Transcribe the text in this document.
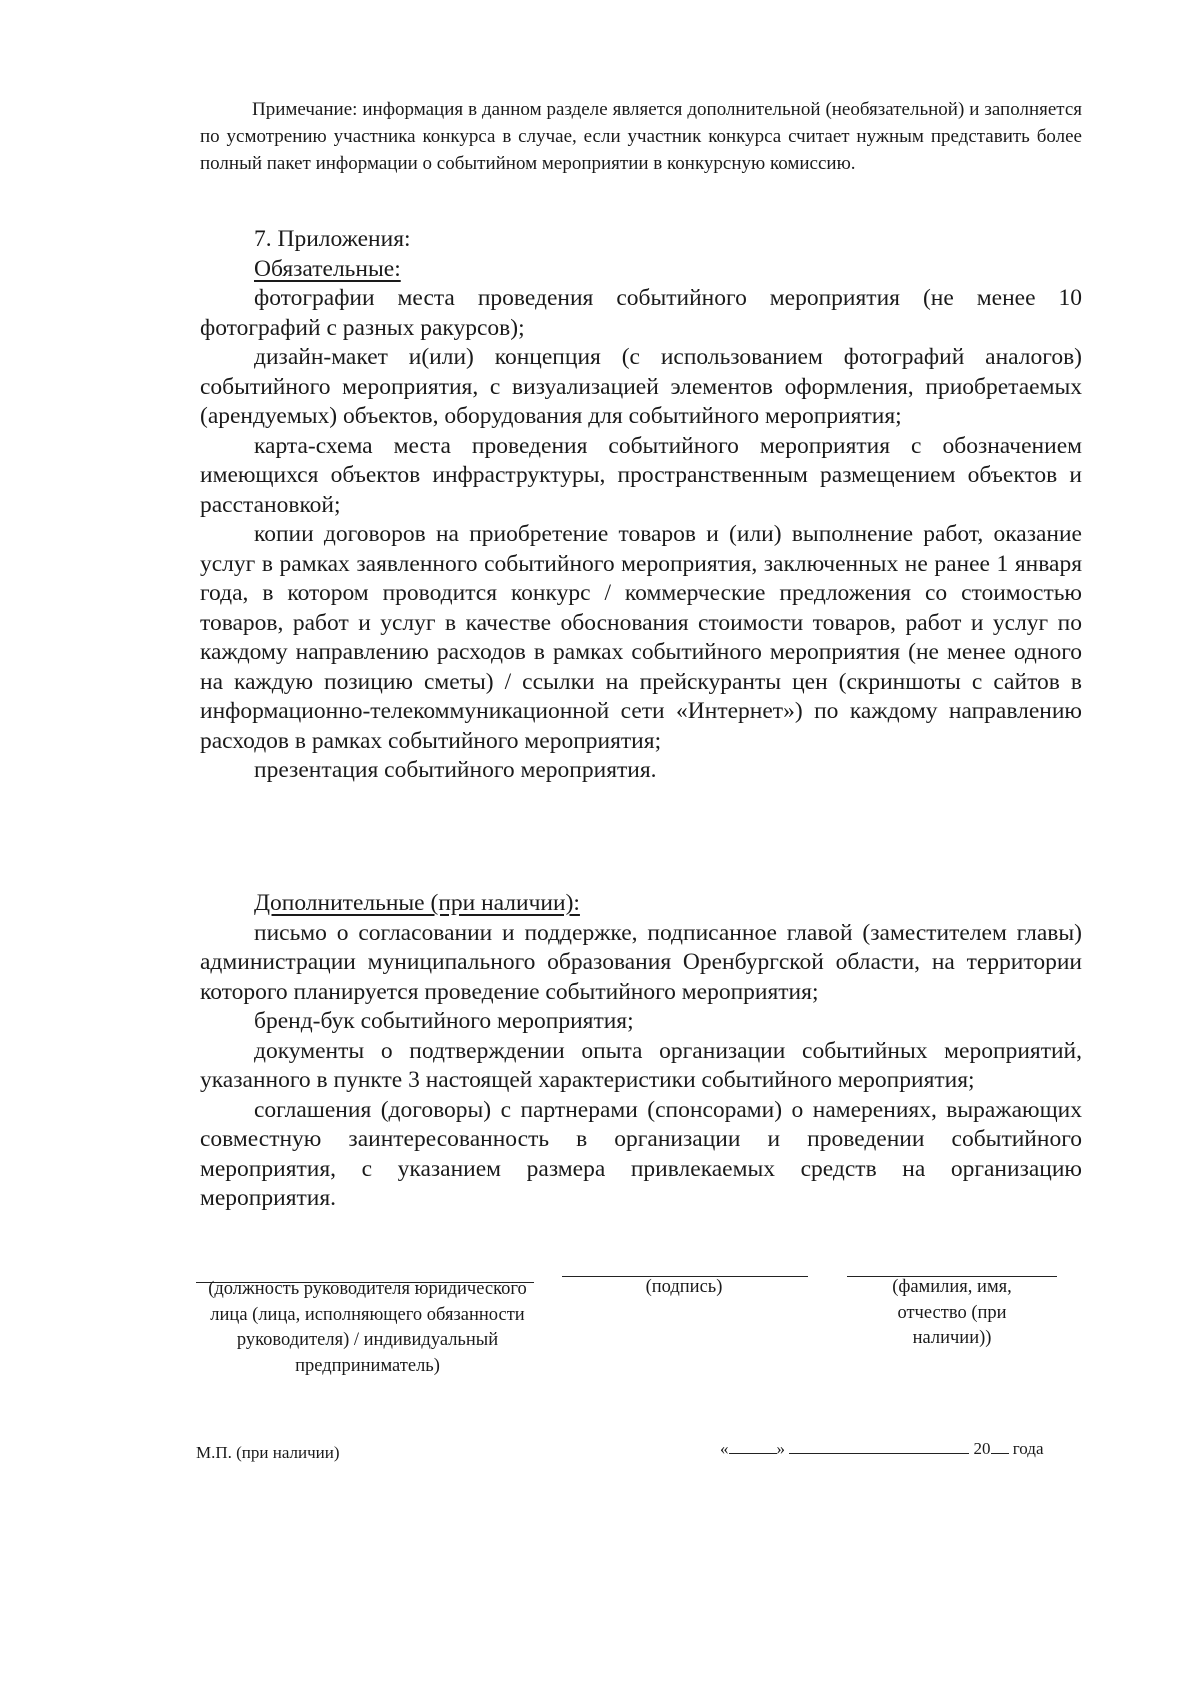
Примечание: информация в данном разделе является дополнительной (необязательной) и заполняется по усмотрению участника конкурса в случае, если участник конкурса считает нужным представить более полный пакет информации о событийном мероприятии в конкурсную комиссию.

7. Приложения:

Обязательные:

фотографии места проведения событийного мероприятия (не менее 10 фотографий с разных ракурсов);

дизайн-макет и(или) концепция (с использованием фотографий аналогов) событийного мероприятия, с визуализацией элементов оформления, приобретаемых (арендуемых) объектов, оборудования для событийного мероприятия;

карта-схема места проведения событийного мероприятия с обозначением имеющихся объектов инфраструктуры, пространственным размещением объектов и расстановкой;

копии договоров на приобретение товаров и (или) выполнение работ, оказание услуг в рамках заявленного событийного мероприятия, заключенных не ранее 1 января года, в котором проводится конкурс / коммерческие предложения со стоимостью товаров, работ и услуг в качестве обоснования стоимости товаров, работ и услуг по каждому направлению расходов в рамках событийного мероприятия (не менее одного на каждую позицию сметы) / ссылки на прейскуранты цен (скриншоты с сайтов в информационно-телекоммуникационной сети «Интернет») по каждому направлению расходов в рамках событийного мероприятия;

презентация событийного мероприятия.

Дополнительные (при наличии):

письмо о согласовании и поддержке, подписанное главой (заместителем главы) администрации муниципального образования Оренбургской области, на территории которого планируется проведение событийного мероприятия;

бренд-бук событийного мероприятия;

документы о подтверждении опыта организации событийных мероприятий, указанного в пункте 3 настоящей характеристики событийного мероприятия;

соглашения (договоры) с партнерами (спонсорами) о намерениях, выражающих совместную заинтересованность в организации и проведении событийного мероприятия, с указанием размера привлекаемых средств на организацию мероприятия.

(должность руководителя юридического лица (лица, исполняющего обязанности руководителя) / индивидуальный предприниматель)
(подпись)	(фамилия, имя, отчество (при наличии))
М.П. (при наличии)	«	»	20 года
